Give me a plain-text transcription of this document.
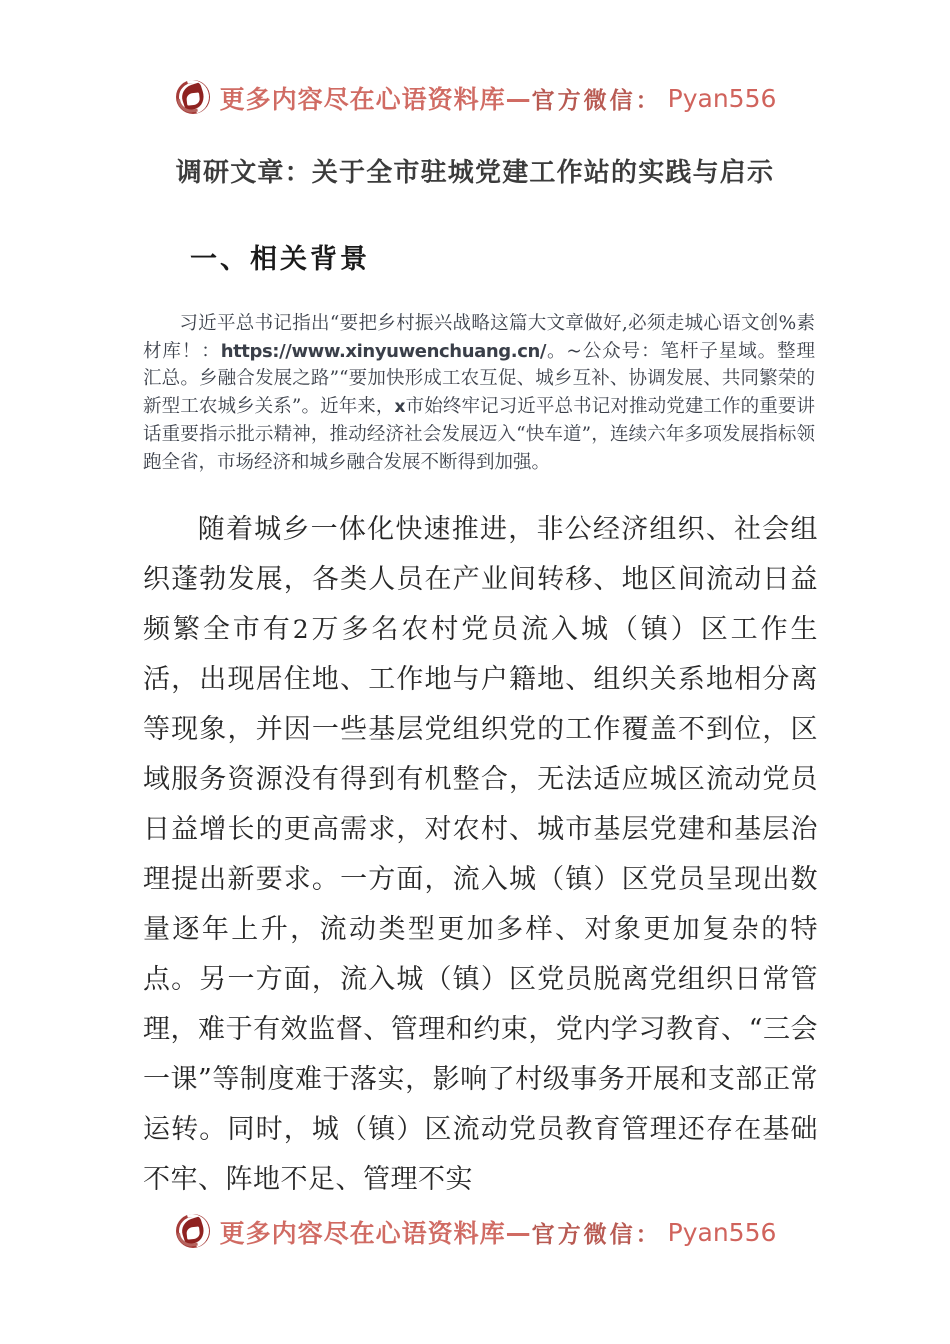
更多内容尽在心语资料库 — 官方微信： Pyan556
调研文章：关于全市驻城党建工作站的实践与启示
一、相关背景
习近平总书记指出“要把乡村振兴战略这篇大文章做好,必须走城心语文创%素材库！：https://www.xinyuwenchuang.cn/。~公众号：笔杆子星域。整理汇总。乡融合发展之路”“要加快形成工农互促、城乡互补、协调发展、共同繁荣的新型工农城乡关系”。近年来，x市始终牢记习近平总书记对推动党建工作的重要讲话重要指示批示精神，推动经济社会发展迈入“快车道”，连续六年多项发展指标领跑全省，市场经济和城乡融合发展不断得到加强。
随着城乡一体化快速推进，非公经济组织、社会组织蓬勃发展，各类人员在产业间转移、地区间流动日益频繁全市有2万多名农村党员流入城（镇）区工作生活，出现居住地、工作地与户籍地、组织关系地相分离等现象，并因一些基层党组织党的工作覆盖不到位，区域服务资源没有得到有机整合，无法适应城区流动党员日益增长的更高需求，对农村、城市基层党建和基层治理提出新要求。一方面，流入城（镇）区党员呈现出数量逐年上升，流动类型更加多样、对象更加复杂的特点。另一方面，流入城（镇）区党员脱离党组织日常管理，难于有效监督、管理和约束，党内学习教育、“三会一课”等制度难于落实，影响了村级事务开展和支部正常运转。同时，城（镇）区流动党员教育管理还存在基础不牢、阵地不足、管理不实
更多内容尽在心语资料库 — 官方微信： Pyan556
